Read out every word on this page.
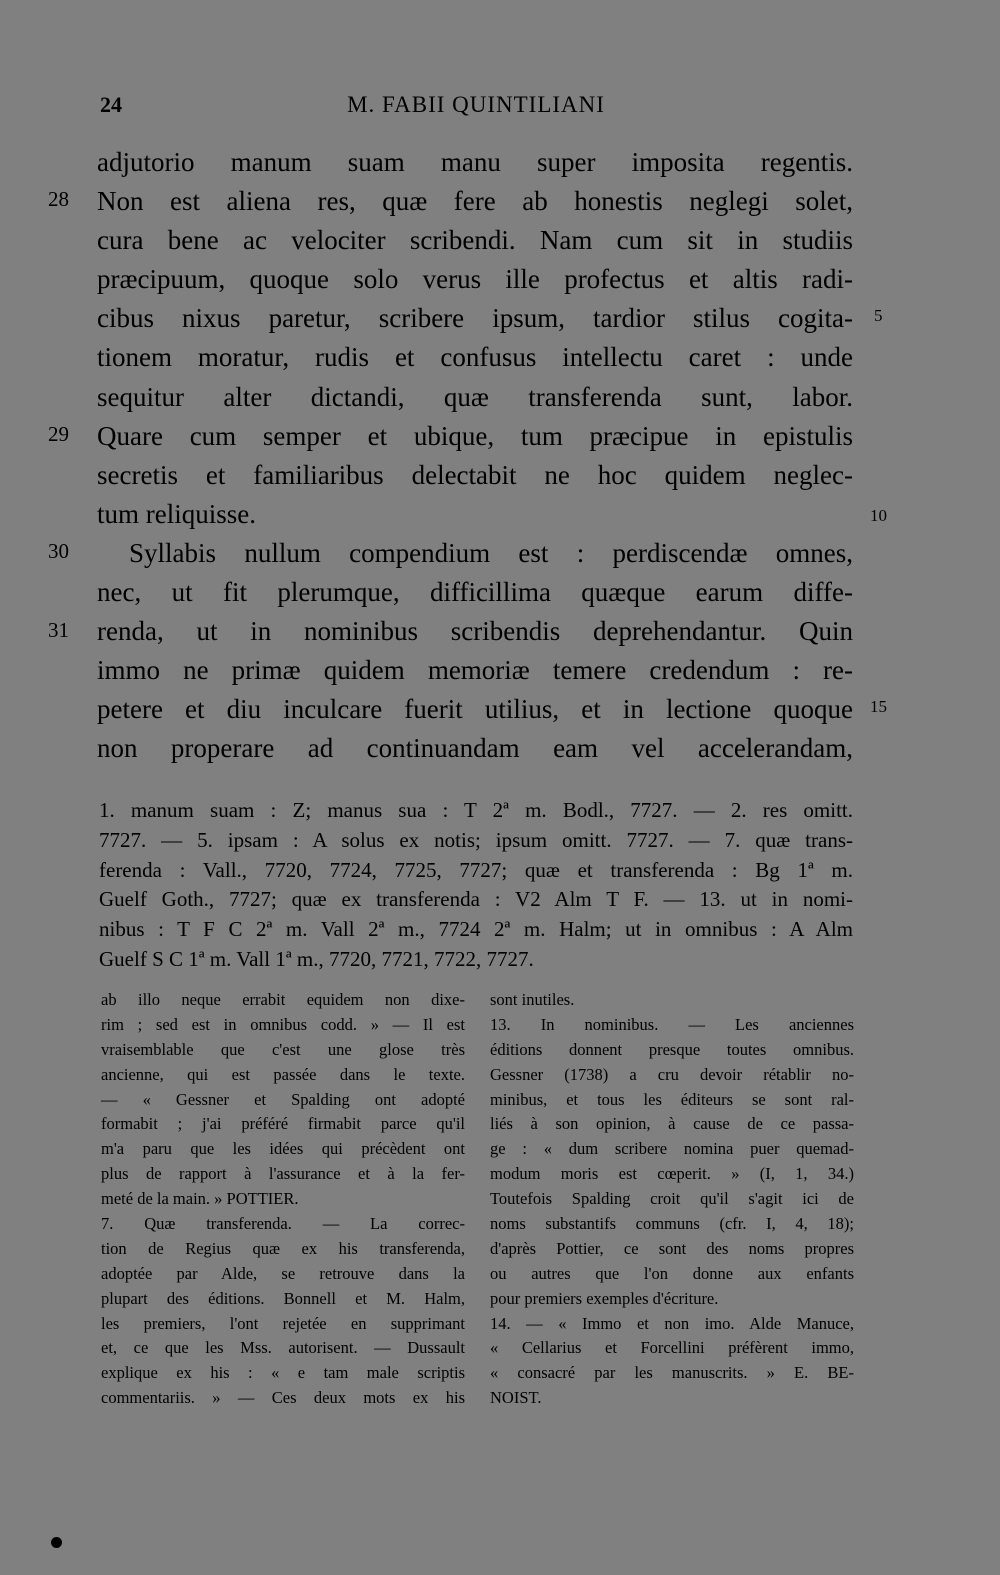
24	M. FABII QUINTILIANI
adjutorio manum suam manu super imposita regentis.
Non est aliena res, quæ fere ab honestis neglegi solet,
cura bene ac velociter scribendi. Nam cum sit in studiis
præcipuum, quoque solo verus ille profectus et altis radi-
cibus nixus paretur, scribere ipsum, tardior stilus cogita-
tionem moratur, rudis et confusus intellectu caret : unde
sequitur alter dictandi, quæ transferenda sunt, labor.
Quare cum semper et ubique, tum præcipue in epistulis
secretis et familiaribus delectabit ne hoc quidem neglec-
tum reliquisse.
Syllabis nullum compendium est : perdiscendæ omnes,
nec, ut fit plerumque, difficillima quæque earum diffe-
renda, ut in nominibus scribendis deprehendantur. Quin
immo ne primæ quidem memoriæ temere credendum : re-
petere et diu inculcare fuerit utilius, et in lectione quoque
non properare ad continuandam eam vel accelerandam,
28
29
30
31
5
10
15
1. manum suam : Z; manus sua : T 2ª m. Bodl., 7727. — 2. res omitt.
7727. — 5. ipsam : A solus ex notis; ipsum omitt. 7727. — 7. quæ trans-
ferenda : Vall., 7720, 7724, 7725, 7727; quæ et transferenda : Bg 1ª m.
Guelf Goth., 7727; quæ ex transferenda : V2 Alm T F. — 13. ut in nomi-
nibus : T F C 2ª m. Vall 2ª m., 7724 2ª m. Halm; ut in omnibus : A Alm
Guelf S C 1ª m. Vall 1ª m., 7720, 7721, 7722, 7727.
ab illo neque errabit equidem non dixe-
rim ; sed est in omnibus codd. » — Il est
vraisemblable que c'est une glose très
ancienne, qui est passée dans le texte.
— « Gessner et Spalding ont adopté
formabit ; j'ai préféré firmabit parce qu'il
m'a paru que les idées qui précèdent ont
plus de rapport à l'assurance et à la fer-
meté de la main. » POTTIER.
7. Quæ transferenda. — La correc-
tion de Regius quæ ex his transferenda,
adoptée par Alde, se retrouve dans la
plupart des éditions. Bonnell et M. Halm,
les premiers, l'ont rejetée en supprimant
et, ce que les Mss. autorisent. — Dussault
explique ex his : « e tam male scriptis
commentariis. » — Ces deux mots ex his
sont inutiles.
13. In nominibus. — Les anciennes
éditions donnent presque toutes omnibus.
Gessner (1738) a cru devoir rétablir no-
minibus, et tous les éditeurs se sont ral-
liés à son opinion, à cause de ce passa-
ge : « dum scribere nomina puer quemad-
modum moris est cœperit. » (I, 1, 34.)
Toutefois Spalding croit qu'il s'agit ici de
noms substantifs communs (cfr. I, 4, 18);
d'après Pottier, ce sont des noms propres
ou autres que l'on donne aux enfants
pour premiers exemples d'écriture.
14. — « Immo et non imo. Alde Manuce,
« Cellarius et Forcellini préfèrent immo,
« consacré par les manuscrits. » E. BE-
NOIST.
